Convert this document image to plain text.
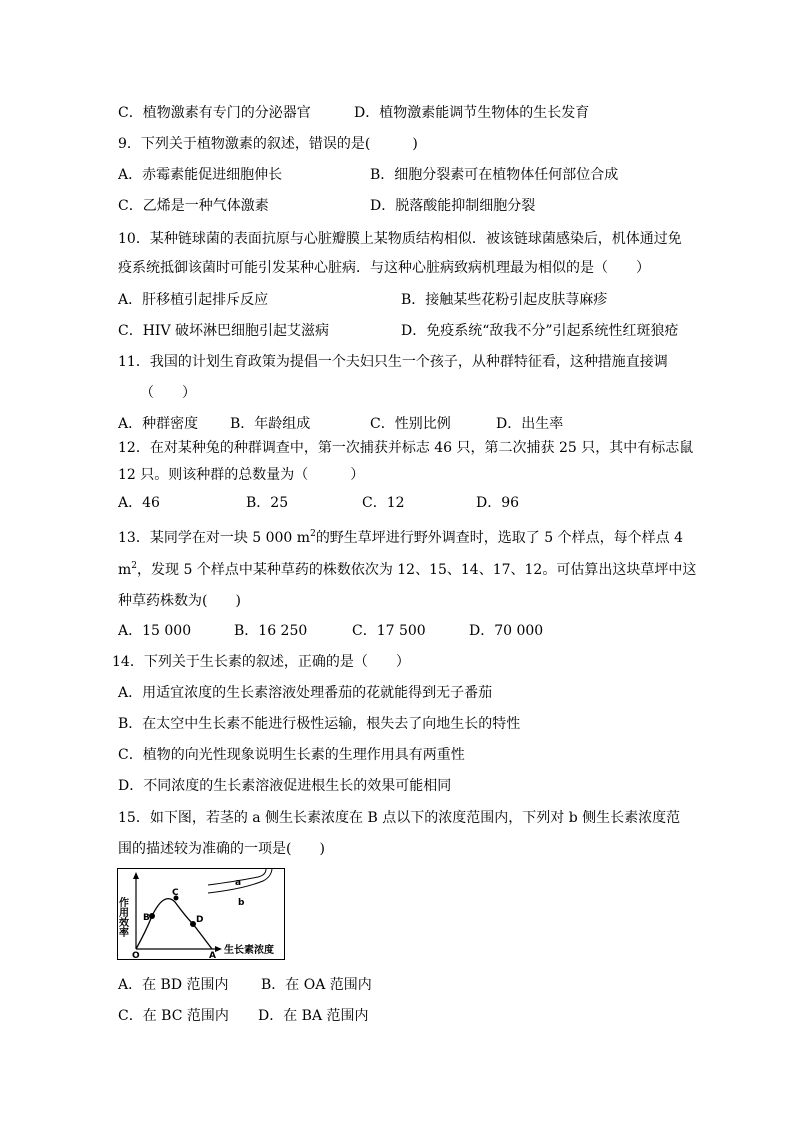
C．植物激素有专门的分泌器官	D．植物激素能调节生物体的生长发育
9．下列关于植物激素的叙述，错误的是(　　　)
A．赤霉素能促进细胞伸长	B．细胞分裂素可在植物体任何部位合成
C．乙烯是一种气体激素	D．脱落酸能抑制细胞分裂
10．某种链球菌的表面抗原与心脏瓣膜上某物质结构相似．被该链球菌感染后，机体通过免
疫系统抵御该菌时可能引发某种心脏病．与这种心脏病致病机理最为相似的是（　　）
A．肝移植引起排斥反应	B．接触某些花粉引起皮肤荨麻疹
C．HIV 破坏淋巴细胞引起艾滋病	D．免疫系统“敌我不分”引起系统性红斑狼疮
11．我国的计划生育政策为提倡一个夫妇只生一个孩子，从种群特征看，这种措施直接调
（　　）
A．种群密度 B．年龄组成	C．性别比例	D．出生率
12．在对某种兔的种群调查中，第一次捕获并标志 46 只，第二次捕获 25 只，其中有标志鼠
12 只。则该种群的总数量为（　　　）
A．46	B．25	C．12	D．96
13．某同学在对一块 5 000 $m^2$的野生草坪进行野外调查时，选取了 5 个样点，每个样点 4
$m^2$，发现 5 个样点中某种草药的株数依次为 12、15、14、17、12。可估算出这块草坪中这
种草药株数为(　　)
A．15 000	B．16 250	C．17 500	D．70 000
14．下列关于生长素的叙述，正确的是（　　）
A．用适宜浓度的生长素溶液处理番茄的花就能得到无子番茄
B．在太空中生长素不能进行极性运输，根失去了向地生长的特性
C．植物的向光性现象说明生长素的生理作用具有两重性
D．不同浓度的生长素溶液促进根生长的效果可能相同
15．如下图，若茎的 a 侧生长素浓度在 B 点以下的浓度范围内，下列对 b 侧生长素浓度范
围的描述较为准确的一项是(　　)
作用效率
生长素浓度
O	A
B
C
D
a
b
A．在 BD 范围内 B．在 OA 范围内
C．在 BC 范围内 D．在 BA 范围内
